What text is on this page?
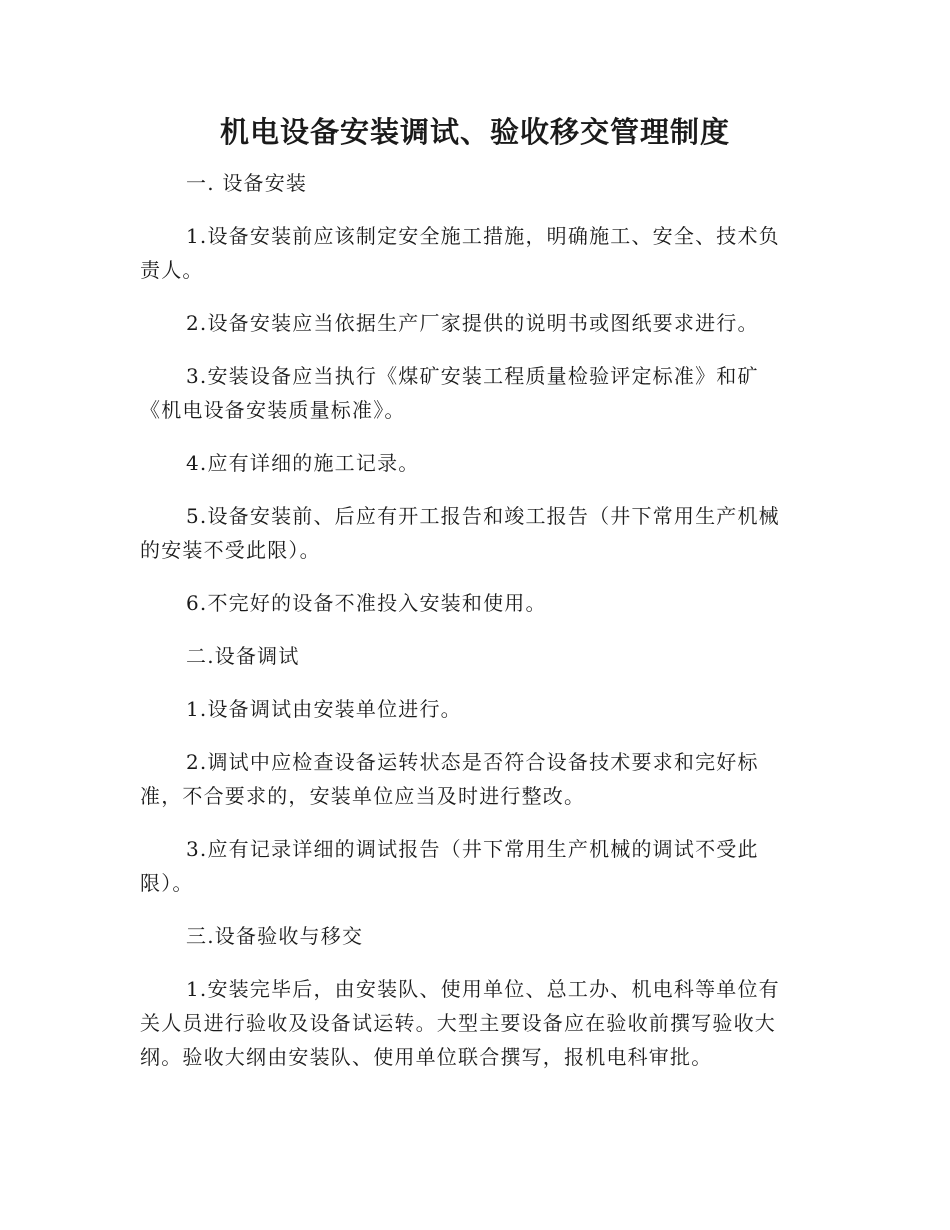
机电设备安装调试、验收移交管理制度

一. 设备安装

1.设备安装前应该制定安全施工措施，明确施工、安全、技术负责人。

2.设备安装应当依据生产厂家提供的说明书或图纸要求进行。

3.安装设备应当执行《煤矿安装工程质量检验评定标准》和矿《机电设备安装质量标准》。

4.应有详细的施工记录。

5.设备安装前、后应有开工报告和竣工报告（井下常用生产机械的安装不受此限）。

6.不完好的设备不准投入安装和使用。

二.设备调试

1.设备调试由安装单位进行。

2.调试中应检查设备运转状态是否符合设备技术要求和完好标准，不合要求的，安装单位应当及时进行整改。

3.应有记录详细的调试报告（井下常用生产机械的调试不受此限）。

三.设备验收与移交

1.安装完毕后，由安装队、使用单位、总工办、机电科等单位有关人员进行验收及设备试运转。大型主要设备应在验收前撰写验收大纲。验收大纲由安装队、使用单位联合撰写，报机电科审批。
